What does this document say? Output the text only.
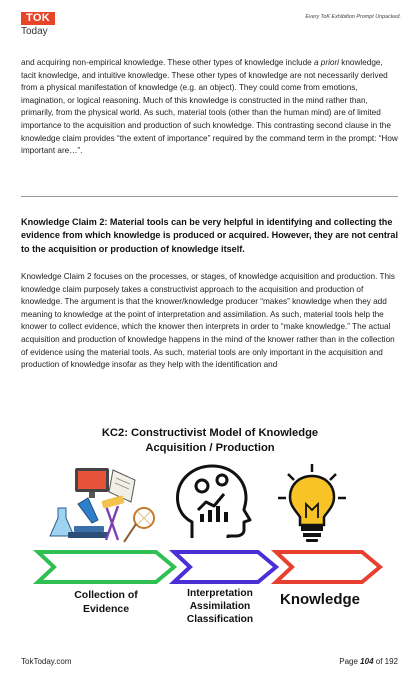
TOK
Today
Every ToK Exhibition Prompt Unpacked.
and acquiring non-empirical knowledge. These other types of knowledge include a priori knowledge, tacit knowledge, and intuitive knowledge. These other types of knowledge are not necessarily derived from a physical manifestation of knowledge (e.g. an object). They could come from emotions, imagination, or logical reasoning. Much of this knowledge is constructed in the mind rather than, primarily, from the physical world. As such, material tools (other than the human mind) are of limited importance to the acquisition and production of such knowledge. This contrasting second clause in the knowledge claim provides “the extent of importance” required by the command term in the prompt: “How important are…”.
Knowledge Claim 2: Material tools can be very helpful in identifying and collecting the evidence from which knowledge is produced or acquired. However, they are not central to the acquisition or production of knowledge itself.
Knowledge Claim 2 focuses on the processes, or stages, of knowledge acquisition and production. This knowledge claim purposely takes a constructivist approach to the acquisition and production of knowledge. The argument is that the knower/knowledge producer “makes” knowledge when they add meaning to knowledge at the point of interpretation and assimilation. As such, material tools help the knower to collect evidence, which the knower then interprets in order to “make knowledge.” The actual acquisition and production of knowledge happens in the mind of the knower rather than in the collection of evidence using the material tools. As such, material tools are only important in the acquisition and production of knowledge insofar as they help with the identification and
KC2: Constructivist Model of Knowledge
Acquisition / Production
Collection of
Evidence
Interpretation
Assimilation
Classification
Knowledge
TokToday.com	Page 104 of 192
